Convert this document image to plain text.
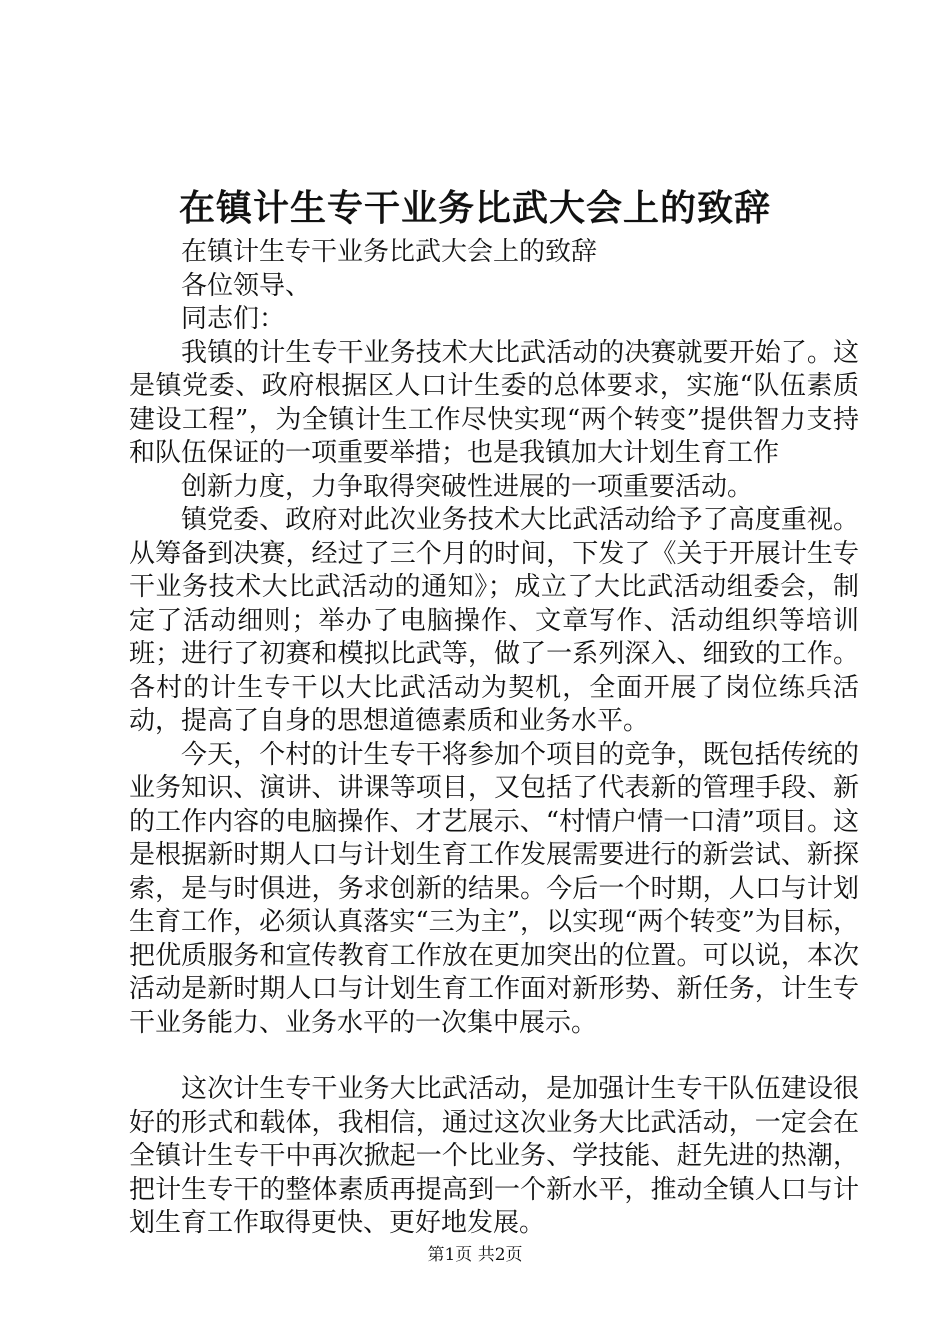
在镇计生专干业务比武大会上的致辞

在镇计生专干业务比武大会上的致辞

各位领导、

同志们：

我镇的计生专干业务技术大比武活动的决赛就要开始了。这是镇党委、政府根据区人口计生委的总体要求，实施“队伍素质建设工程”，为全镇计生工作尽快实现“两个转变”提供智力支持和队伍保证的一项重要举措；也是我镇加大计划生育工作

创新力度，力争取得突破性进展的一项重要活动。

镇党委、政府对此次业务技术大比武活动给予了高度重视。从筹备到决赛，经过了三个月的时间，下发了《关于开展计生专干业务技术大比武活动的通知》；成立了大比武活动组委会，制定了活动细则；举办了电脑操作、文章写作、活动组织等培训班；进行了初赛和模拟比武等，做了一系列深入、细致的工作。各村的计生专干以大比武活动为契机，全面开展了岗位练兵活动，提高了自身的思想道德素质和业务水平。

今天，个村的计生专干将参加个项目的竞争，既包括传统的业务知识、演讲、讲课等项目，又包括了代表新的管理手段、新的工作内容的电脑操作、才艺展示、“村情户情一口清”项目。这是根据新时期人口与计划生育工作发展需要进行的新尝试、新探索，是与时俱进，务求创新的结果。今后一个时期，人口与计划生育工作，必须认真落实“三为主”，以实现“两个转变”为目标，把优质服务和宣传教育工作放在更加突出的位置。可以说，本次活动是新时期人口与计划生育工作面对新形势、新任务，计生专干业务能力、业务水平的一次集中展示。

这次计生专干业务大比武活动，是加强计生专干队伍建设很好的形式和载体，我相信，通过这次业务大比武活动，一定会在全镇计生专干中再次掀起一个比业务、学技能、赶先进的热潮，把计生专干的整体素质再提高到一个新水平，推动全镇人口与计划生育工作取得更快、更好地发展。

第1页 共2页
